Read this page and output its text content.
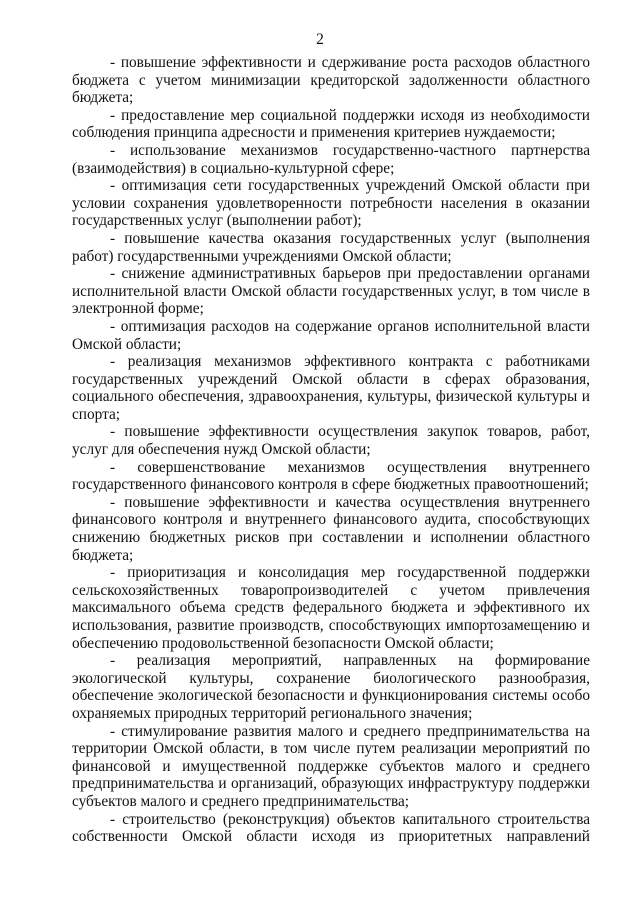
2

- повышение эффективности и сдерживание роста расходов областного бюджета с учетом минимизации кредиторской задолженности областного бюджета;

- предоставление мер социальной поддержки исходя из необходимости соблюдения принципа адресности и применения критериев нуждаемости;

- использование механизмов государственно-частного партнерства (взаимодействия) в социально-культурной сфере;

- оптимизация сети государственных учреждений Омской области при условии сохранения удовлетворенности потребности населения в оказании государственных услуг (выполнении работ);

- повышение качества оказания государственных услуг (выполнения работ) государственными учреждениями Омской области;

- снижение административных барьеров при предоставлении органами исполнительной власти Омской области государственных услуг, в том числе в электронной форме;

- оптимизация расходов на содержание органов исполнительной власти Омской области;

- реализация механизмов эффективного контракта с работниками государственных учреждений Омской области в сферах образования, социального обеспечения, здравоохранения, культуры, физической культуры и спорта;

- повышение эффективности осуществления закупок товаров, работ, услуг для обеспечения нужд Омской области;

- совершенствование механизмов осуществления внутреннего государственного финансового контроля в сфере бюджетных правоотношений;

- повышение эффективности и качества осуществления внутреннего финансового контроля и внутреннего финансового аудита, способствующих снижению бюджетных рисков при составлении и исполнении областного бюджета;

- приоритизация и консолидация мер государственной поддержки сельскохозяйственных товаропроизводителей с учетом привлечения максимального объема средств федерального бюджета и эффективного их использования, развитие производств, способствующих импортозамещению и обеспечению продовольственной безопасности Омской области;

- реализация мероприятий, направленных на формирование экологической культуры, сохранение биологического разнообразия, обеспечение экологической безопасности и функционирования системы особо охраняемых природных территорий регионального значения;

- стимулирование развития малого и среднего предпринимательства на территории Омской области, в том числе путем реализации мероприятий по финансовой и имущественной поддержке субъектов малого и среднего предпринимательства и организаций, образующих инфраструктуру поддержки субъектов малого и среднего предпринимательства;

- строительство (реконструкция) объектов капитального строительства собственности Омской области исходя из приоритетных направлений
